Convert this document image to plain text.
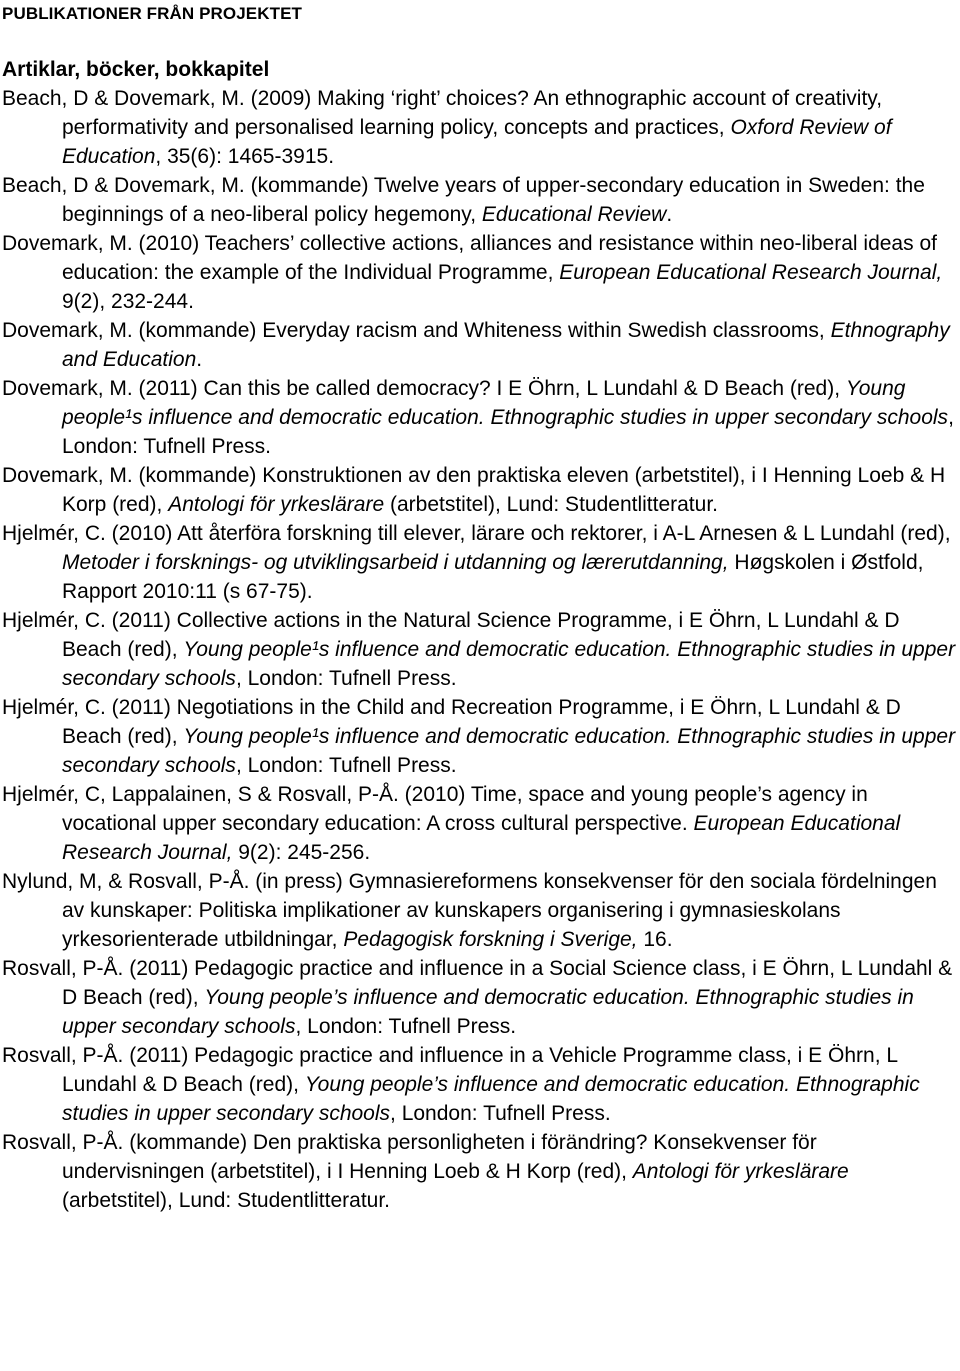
PUBLIKATIONER FRÅN PROJEKTET
Artiklar, böcker, bokkapitel

Beach, D & Dovemark, M. (2009) Making ‘right’ choices? An ethnographic account of creativity, performativity and personalised learning policy, concepts and practices, Oxford Review of Education, 35(6): 1465-3915.

Beach, D & Dovemark, M. (kommande) Twelve years of upper-secondary education in Sweden: the beginnings of a neo-liberal policy hegemony, Educational Review.

Dovemark, M. (2010) Teachers’ collective actions, alliances and resistance within neo-liberal ideas of education: the example of the Individual Programme, European Educational Research Journal, 9(2), 232-244.

Dovemark, M. (kommande) Everyday racism and Whiteness within Swedish classrooms, Ethnography and Education.

Dovemark, M. (2011) Can this be called democracy? I E Öhrn, L Lundahl & D Beach (red), Young people¹s influence and democratic education. Ethnographic studies in upper secondary schools, London: Tufnell Press.

Dovemark, M. (kommande) Konstruktionen av den praktiska eleven (arbetstitel), i I Henning Loeb & H Korp (red), Antologi för yrkeslärare (arbetstitel), Lund: Studentlitteratur.

Hjelmér, C. (2010) Att återföra forskning till elever, lärare och rektorer, i A-L Arnesen & L Lundahl (red), Metoder i forsknings- og utviklingsarbeid i utdanning og lærerutdanning, Høgskolen i Østfold, Rapport 2010:11 (s 67-75).

Hjelmér, C. (2011) Collective actions in the Natural Science Programme, i E Öhrn, L Lundahl & D Beach (red), Young people¹s influence and democratic education. Ethnographic studies in upper secondary schools, London: Tufnell Press.

Hjelmér, C. (2011) Negotiations in the Child and Recreation Programme, i E Öhrn, L Lundahl & D Beach (red), Young people¹s influence and democratic education. Ethnographic studies in upper secondary schools, London: Tufnell Press.

Hjelmér, C, Lappalainen, S & Rosvall, P-Å. (2010) Time, space and young people’s agency in vocational upper secondary education: A cross cultural perspective. European Educational Research Journal, 9(2): 245-256.

Nylund, M, & Rosvall, P-Å. (in press) Gymnasiereformens konsekvenser för den sociala fördelningen av kunskaper: Politiska implikationer av kunskapers organisering i gymnasieskolans yrkesorienterade utbildningar, Pedagogisk forskning i Sverige, 16.

Rosvall, P-Å. (2011) Pedagogic practice and influence in a Social Science class, i E Öhrn, L Lundahl & D Beach (red), Young people’s influence and democratic education. Ethnographic studies in upper secondary schools, London: Tufnell Press.

Rosvall, P-Å. (2011) Pedagogic practice and influence in a Vehicle Programme class, i E Öhrn, L Lundahl & D Beach (red), Young people’s influence and democratic education. Ethnographic studies in upper secondary schools, London: Tufnell Press.

Rosvall, P-Å. (kommande) Den praktiska personligheten i förändring? Konsekvenser för undervisningen (arbetstitel), i I Henning Loeb & H Korp (red), Antologi för yrkeslärare (arbetstitel), Lund: Studentlitteratur.
